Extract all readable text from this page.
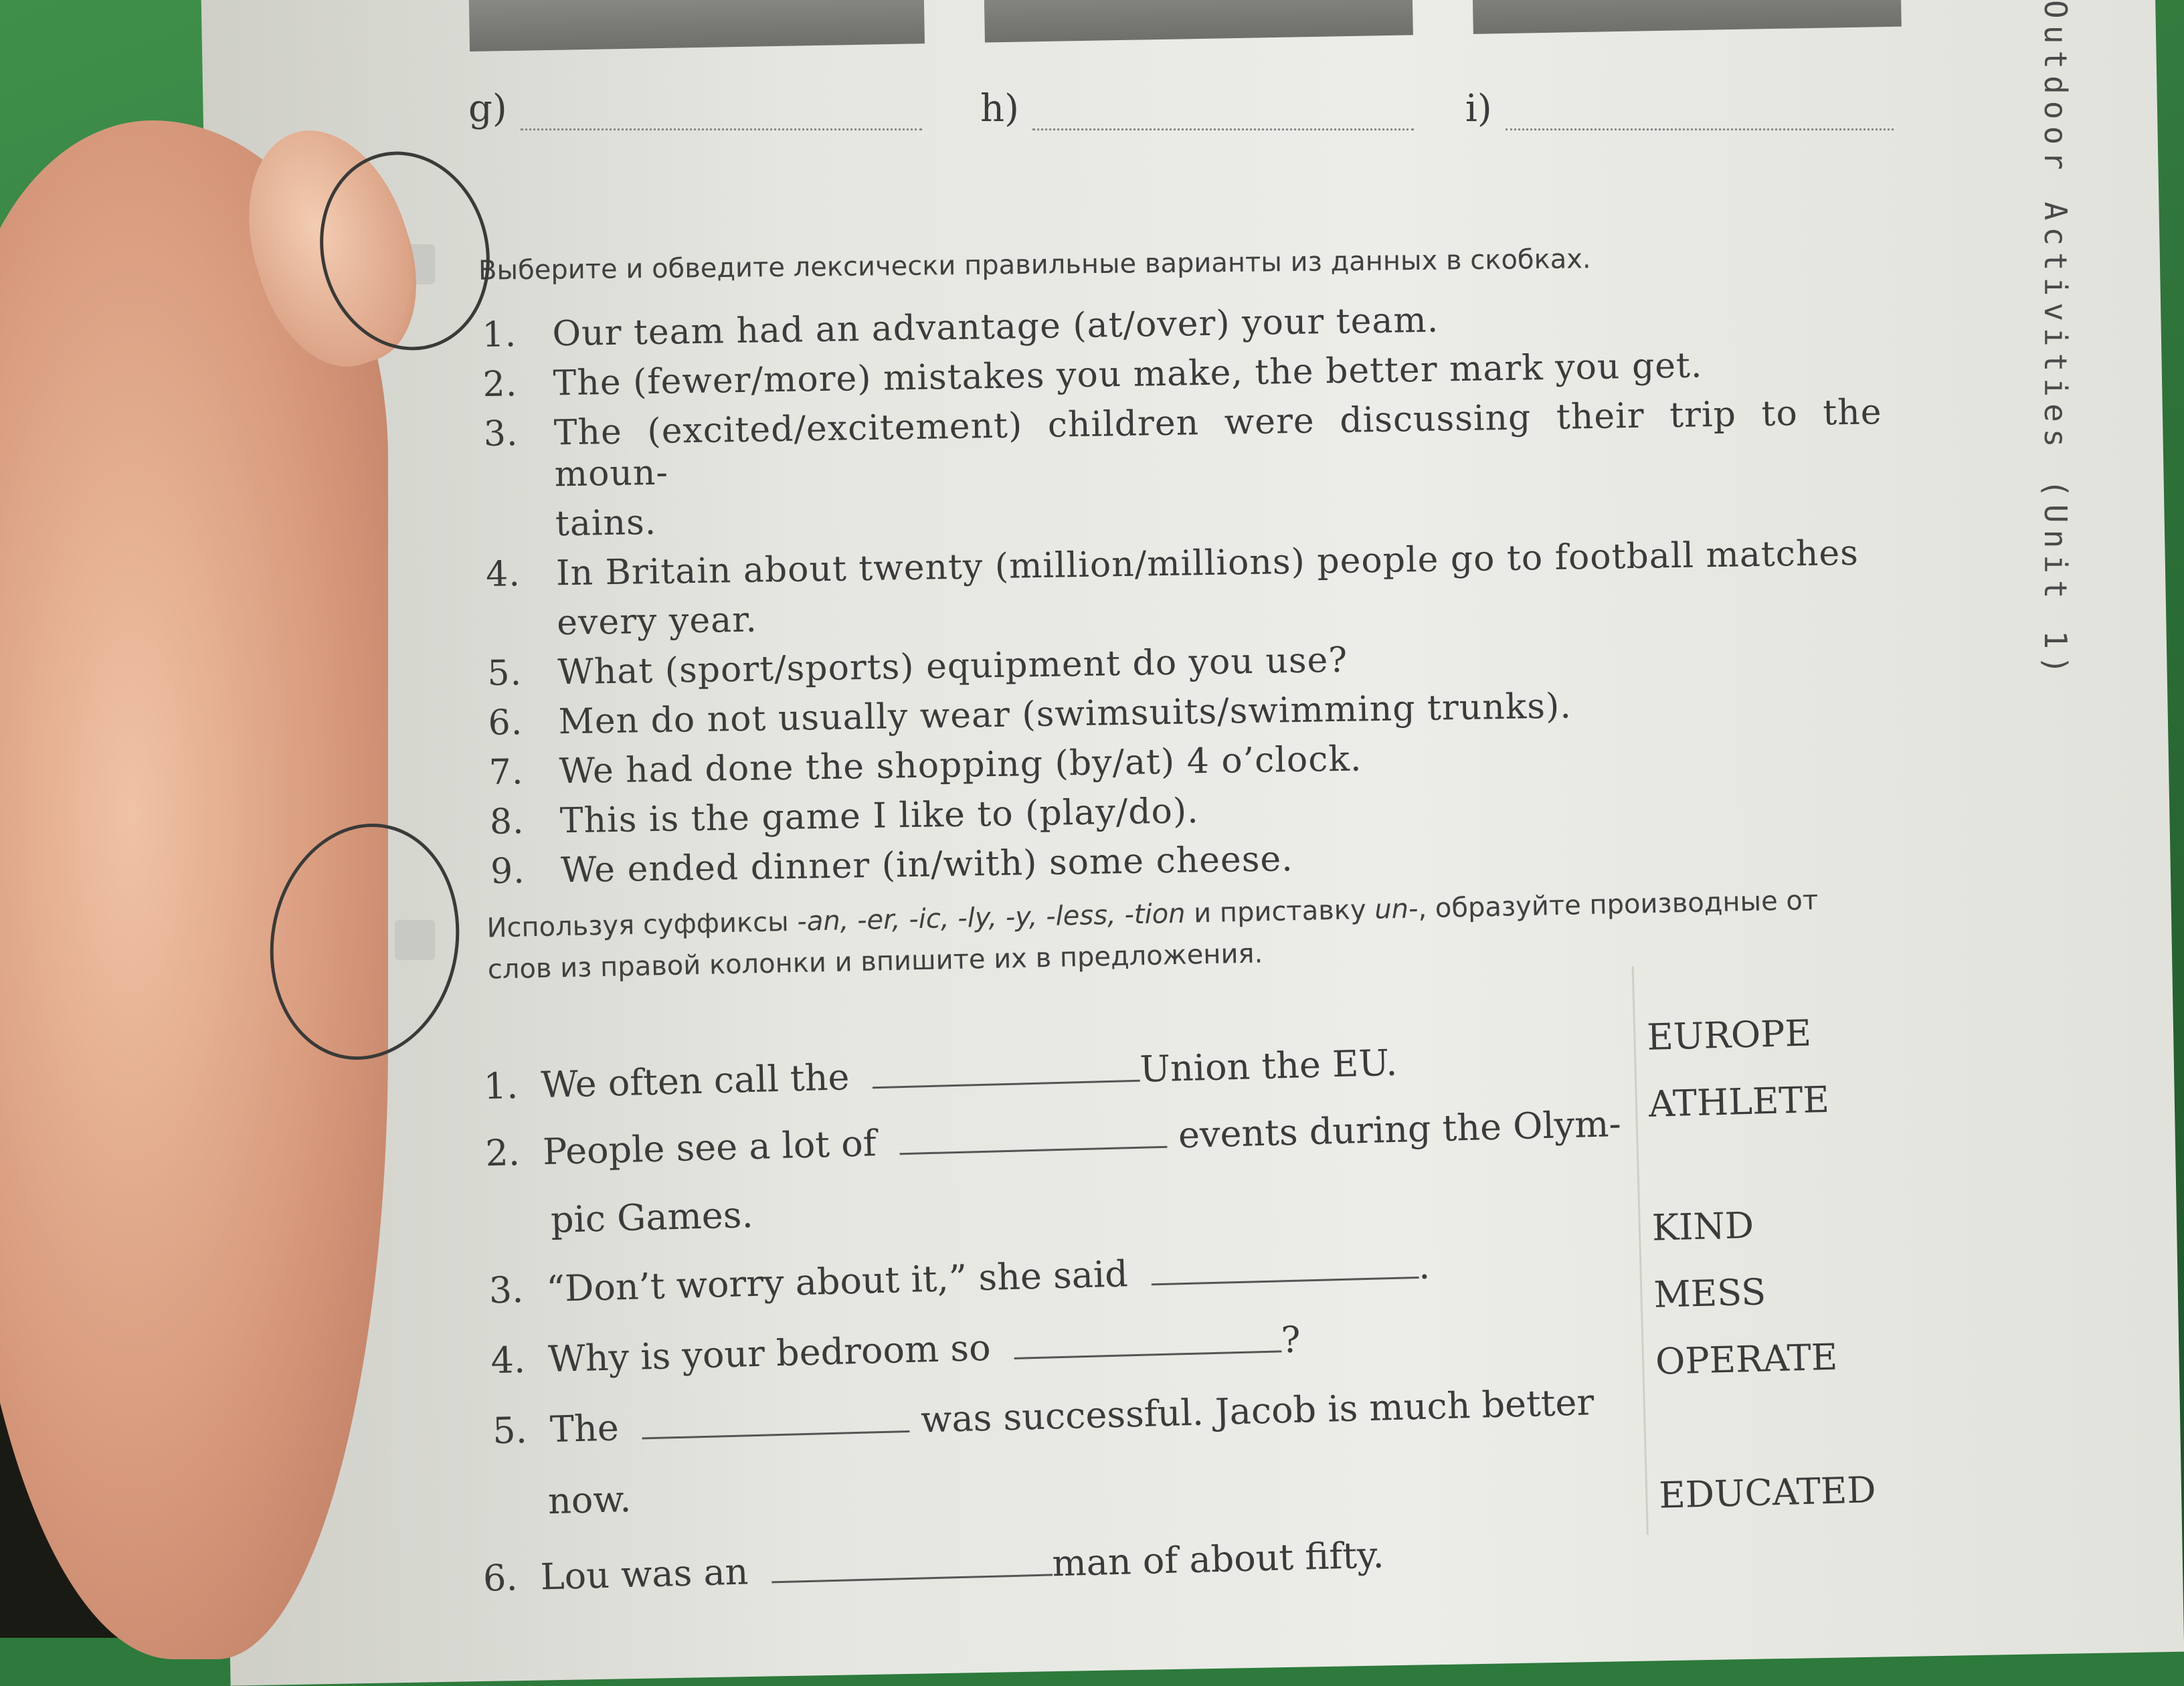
g)	h)	i)
Выберите и обведите лексически правильные варианты из данных в скобках.
1.	Our team had an advantage (at/over) your team.
2.	The (fewer/more) mistakes you make, the better mark you get.
3.	The (excited/excitement) children were discussing their trip to the moun-
tains.
4.	In Britain about twenty (million/millions) people go to football matches
every year.
5.	What (sport/sports) equipment do you use?
6.	Men do not usually wear (swimsuits/swimming trunks).
7.	We had done the shopping (by/at) 4 o’clock.
8.	This is the game I like to (play/do).
9.	We ended dinner (in/with) some cheese.
Используя суффиксы -an, -er, -ic, -ly, -y, -less, -tion и приставку un-, образуйте производные от
слов из правой колонки и впишите их в предложения.
1. We often call the	Union the EU.
EUROPE
2. People see a lot of	events during the Olym-
ATHLETE
pic Games.
3. “Don’t worry about it,” she said	.
KIND
4. Why is your bedroom so	?
MESS
5. The	was successful. Jacob is much better
OPERATE
now.
6. Lou was an	man of about fifty.
EDUCATED
Outdoor Activities (Unit 1)
